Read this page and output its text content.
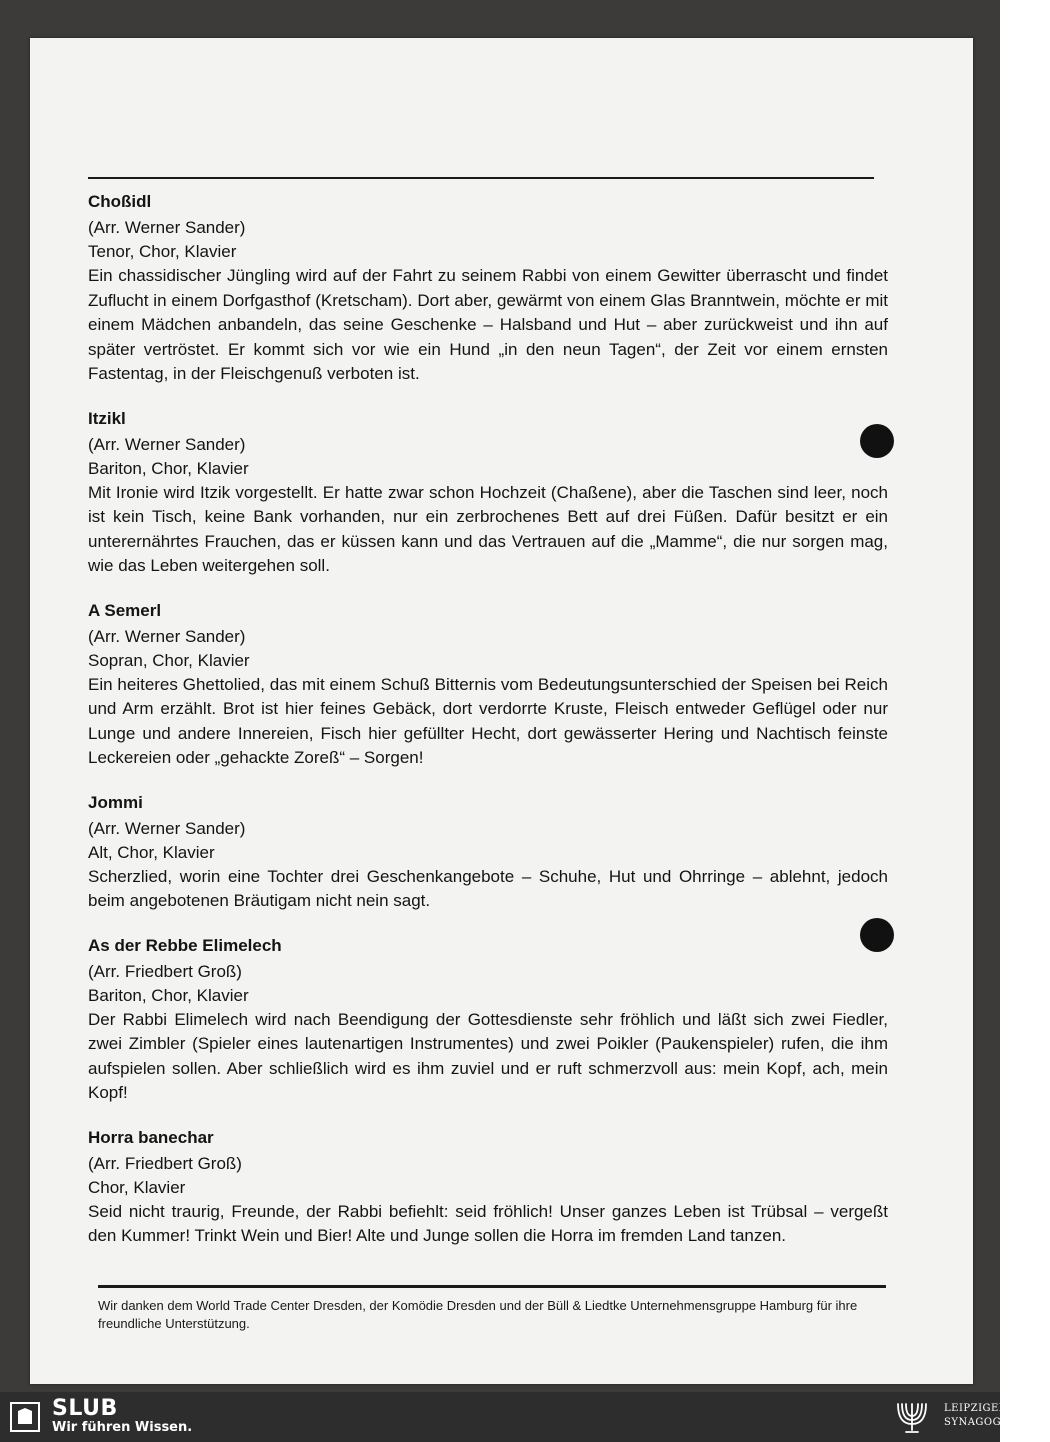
Choßidl
(Arr. Werner Sander)
Tenor, Chor, Klavier

Ein chassidischer Jüngling wird auf der Fahrt zu seinem Rabbi von einem Gewitter überrascht und findet Zuflucht in einem Dorfgasthof (Kretscham). Dort aber, gewärmt von einem Glas Branntwein, möchte er mit einem Mädchen anbandeln, das seine Geschenke – Halsband und Hut – aber zurückweist und ihn auf später vertröstet. Er kommt sich vor wie ein Hund „in den neun Tagen“, der Zeit vor einem ernsten Fastentag, in der Fleischgenuß verboten ist.

Itzikl
(Arr. Werner Sander)
Bariton, Chor, Klavier

Mit Ironie wird Itzik vorgestellt. Er hatte zwar schon Hochzeit (Chaßene), aber die Taschen sind leer, noch ist kein Tisch, keine Bank vorhanden, nur ein zerbrochenes Bett auf drei Füßen. Dafür besitzt er ein unterernährtes Frauchen, das er küssen kann und das Vertrauen auf die „Mamme“, die nur sorgen mag, wie das Leben weitergehen soll.

A Semerl
(Arr. Werner Sander)
Sopran, Chor, Klavier

Ein heiteres Ghettolied, das mit einem Schuß Bitternis vom Bedeutungsunterschied der Speisen bei Reich und Arm erzählt. Brot ist hier feines Gebäck, dort verdorrte Kruste, Fleisch entweder Geflügel oder nur Lunge und andere Innereien, Fisch hier gefüllter Hecht, dort gewässerter Hering und Nachtisch feinste Leckereien oder „gehackte Zoreß“ – Sorgen!

Jommi
(Arr. Werner Sander)
Alt, Chor, Klavier

Scherzlied, worin eine Tochter drei Geschenkangebote – Schuhe, Hut und Ohrringe – ablehnt, jedoch beim angebotenen Bräutigam nicht nein sagt.

As der Rebbe Elimelech
(Arr. Friedbert Groß)
Bariton, Chor, Klavier

Der Rabbi Elimelech wird nach Beendigung der Gottesdienste sehr fröhlich und läßt sich zwei Fiedler, zwei Zimbler (Spieler eines lautenartigen Instrumentes) und zwei Poikler (Paukenspieler) rufen, die ihm aufspielen sollen. Aber schließlich wird es ihm zuviel und er ruft schmerzvoll aus: mein Kopf, ach, mein Kopf!

Horra banechar
(Arr. Friedbert Groß)
Chor, Klavier

Seid nicht traurig, Freunde, der Rabbi befiehlt: seid fröhlich! Unser ganzes Leben ist Trübsal – vergeßt den Kummer! Trinkt Wein und Bier! Alte und Junge sollen die Horra im fremden Land tanzen.

Wir danken dem World Trade Center Dresden, der Komödie Dresden und der Büll & Liedtke Unternehmensgruppe Hamburg für ihre freundliche Unterstützung.
SLUB
Wir führen Wissen.
LEIPZIGER
SYNAGOGALCHOR
